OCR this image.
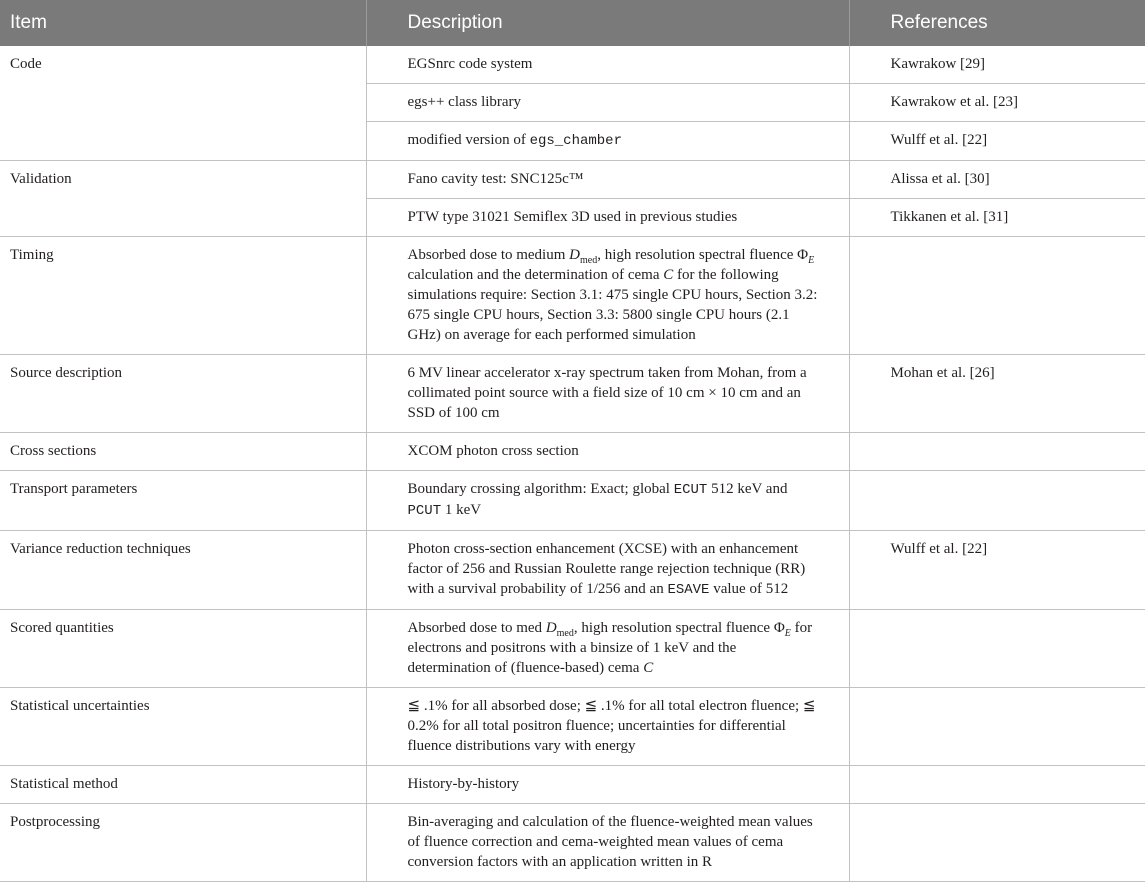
Item	Description	References
Code	EGSnrc code system	Kawrakow [29]
	egs++ class library	Kawrakow et al. [23]
	modified version of egs_chamber	Wulff et al. [22]
Validation	Fano cavity test: SNC125c™	Alissa et al. [30]
	PTW type 31021 Semiflex 3D used in previous studies	Tikkanen et al. [31]
Timing	Absorbed dose to medium $D_{med}$, high resolution spectral fluence $\Phi_E$ calculation and the determination of cema C for the following simulations require: Section 3.1: 475 single CPU hours, Section 3.2: 675 single CPU hours, Section 3.3: 5800 single CPU hours (2.1 GHz) on average for each performed simulation	
Source description	6 MV linear accelerator x-ray spectrum taken from Mohan, from a collimated point source with a field size of 10 cm × 10 cm and an SSD of 100 cm	Mohan et al. [26]
Cross sections	XCOM photon cross section	
Transport parameters	Boundary crossing algorithm: Exact; global ECUT 512 keV and PCUT 1 keV	
Variance reduction techniques	Photon cross-section enhancement (XCSE) with an enhancement factor of 256 and Russian Roulette range rejection technique (RR) with a survival probability of 1/256 and an ESAVE value of 512	Wulff et al. [22]
Scored quantities	Absorbed dose to med $D_{med}$, high resolution spectral fluence $\Phi_E$ for electrons and positrons with a binsize of 1 keV and the determination of (fluence-based) cema C	
Statistical uncertainties	≦ .1% for all absorbed dose; ≦ .1% for all total electron fluence; ≦ 0.2% for all total positron fluence; uncertainties for differential fluence distributions vary with energy	
Statistical method	History-by-history	
Postprocessing	Bin-averaging and calculation of the fluence-weighted mean values of fluence correction and cema-weighted mean values of cema conversion factors with an application written in R	
